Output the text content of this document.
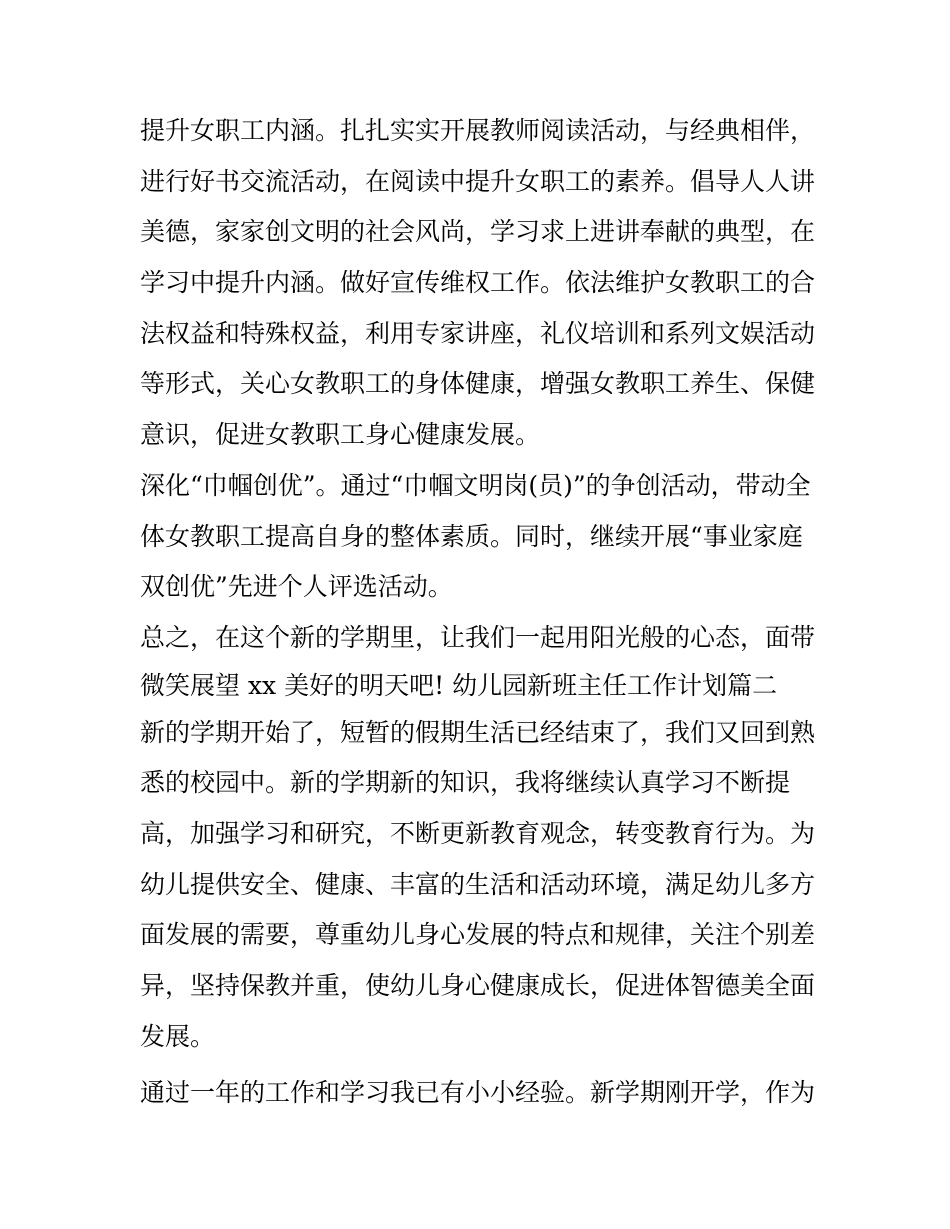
提升女职工内涵。扎扎实实开展教师阅读活动，与经典相伴，
进行好书交流活动，在阅读中提升女职工的素养。倡导人人讲
美德，家家创文明的社会风尚，学习求上进讲奉献的典型，在
学习中提升内涵。做好宣传维权工作。依法维护女教职工的合
法权益和特殊权益，利用专家讲座，礼仪培训和系列文娱活动
等形式，关心女教职工的身体健康，增强女教职工养生、保健
意识，促进女教职工身心健康发展。
深化“巾帼创优”。通过“巾帼文明岗(员)”的争创活动，带动全
体女教职工提高自身的整体素质。同时，继续开展“事业家庭
双创优”先进个人评选活动。
总之，在这个新的学期里，让我们一起用阳光般的心态，面带
微笑展望 xx 美好的明天吧! 幼儿园新班主任工作计划篇二
新的学期开始了，短暂的假期生活已经结束了，我们又回到熟
悉的校园中。新的学期新的知识，我将继续认真学习不断提
高，加强学习和研究，不断更新教育观念，转变教育行为。为
幼儿提供安全、健康、丰富的生活和活动环境，满足幼儿多方
面发展的需要，尊重幼儿身心发展的特点和规律，关注个别差
异，坚持保教并重，使幼儿身心健康成长，促进体智德美全面
发展。
通过一年的工作和学习我已有小小经验。新学期刚开学，作为
